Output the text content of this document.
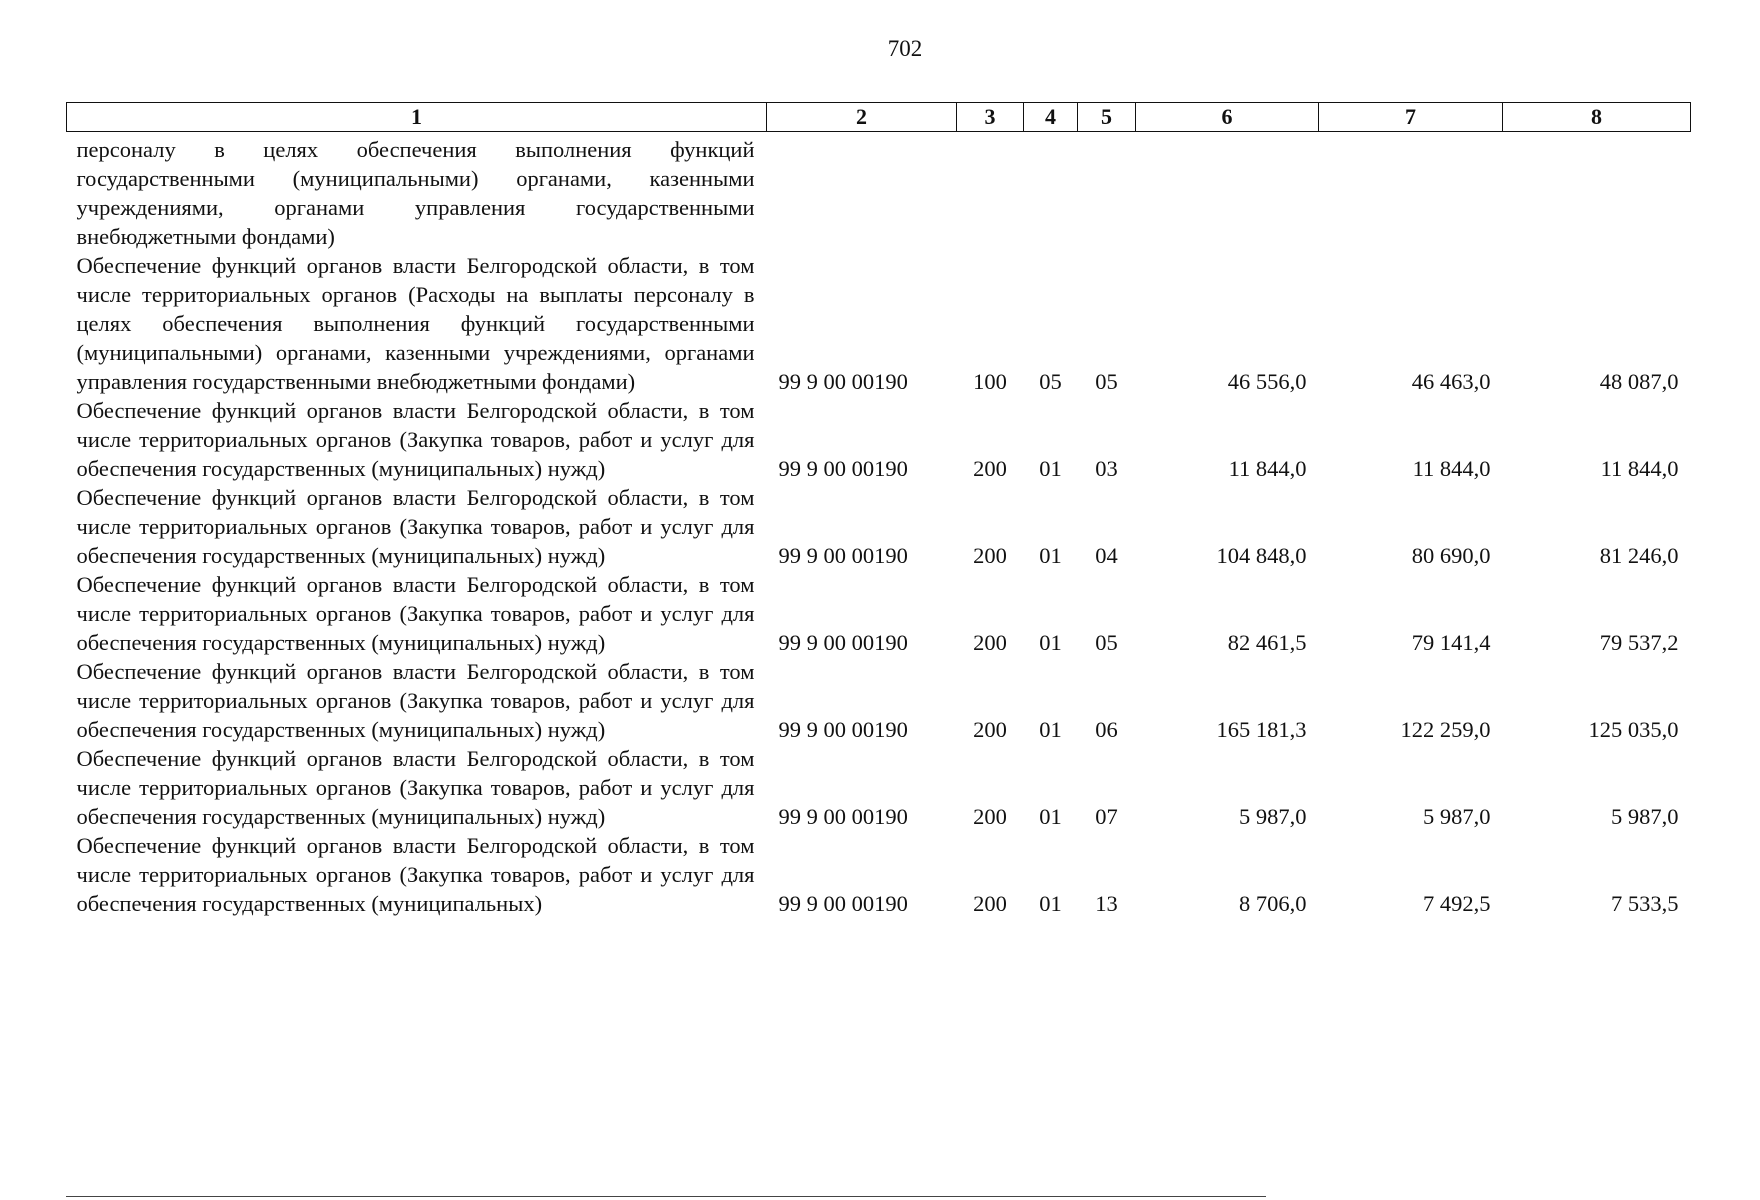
702
1	2	3	4	5	6	7	8
персоналу в целях обеспечения выполнения функций государственными (муниципальными) органами, казенными учреждениями, органами управления государственными внебюджетными фондами)							
Обеспечение функций органов власти Белгородской области, в том числе территориальных органов (Расходы на выплаты персоналу в целях обеспечения выполнения функций государственными (муниципальными) органами, казенными учреждениями, органами управления государственными внебюджетными фондами)	99 9 00 00190	100	05	05	46 556,0	46 463,0	48 087,0
Обеспечение функций органов власти Белгородской области, в том числе территориальных органов (Закупка товаров, работ и услуг для обеспечения государственных (муниципальных) нужд)	99 9 00 00190	200	01	03	11 844,0	11 844,0	11 844,0
Обеспечение функций органов власти Белгородской области, в том числе территориальных органов (Закупка товаров, работ и услуг для обеспечения государственных (муниципальных) нужд)	99 9 00 00190	200	01	04	104 848,0	80 690,0	81 246,0
Обеспечение функций органов власти Белгородской области, в том числе территориальных органов (Закупка товаров, работ и услуг для обеспечения государственных (муниципальных) нужд)	99 9 00 00190	200	01	05	82 461,5	79 141,4	79 537,2
Обеспечение функций органов власти Белгородской области, в том числе территориальных органов (Закупка товаров, работ и услуг для обеспечения государственных (муниципальных) нужд)	99 9 00 00190	200	01	06	165 181,3	122 259,0	125 035,0
Обеспечение функций органов власти Белгородской области, в том числе территориальных органов (Закупка товаров, работ и услуг для обеспечения государственных (муниципальных) нужд)	99 9 00 00190	200	01	07	5 987,0	5 987,0	5 987,0
Обеспечение функций органов власти Белгородской области, в том числе территориальных органов (Закупка товаров, работ и услуг для обеспечения государственных (муниципальных)	99 9 00 00190	200	01	13	8 706,0	7 492,5	7 533,5
